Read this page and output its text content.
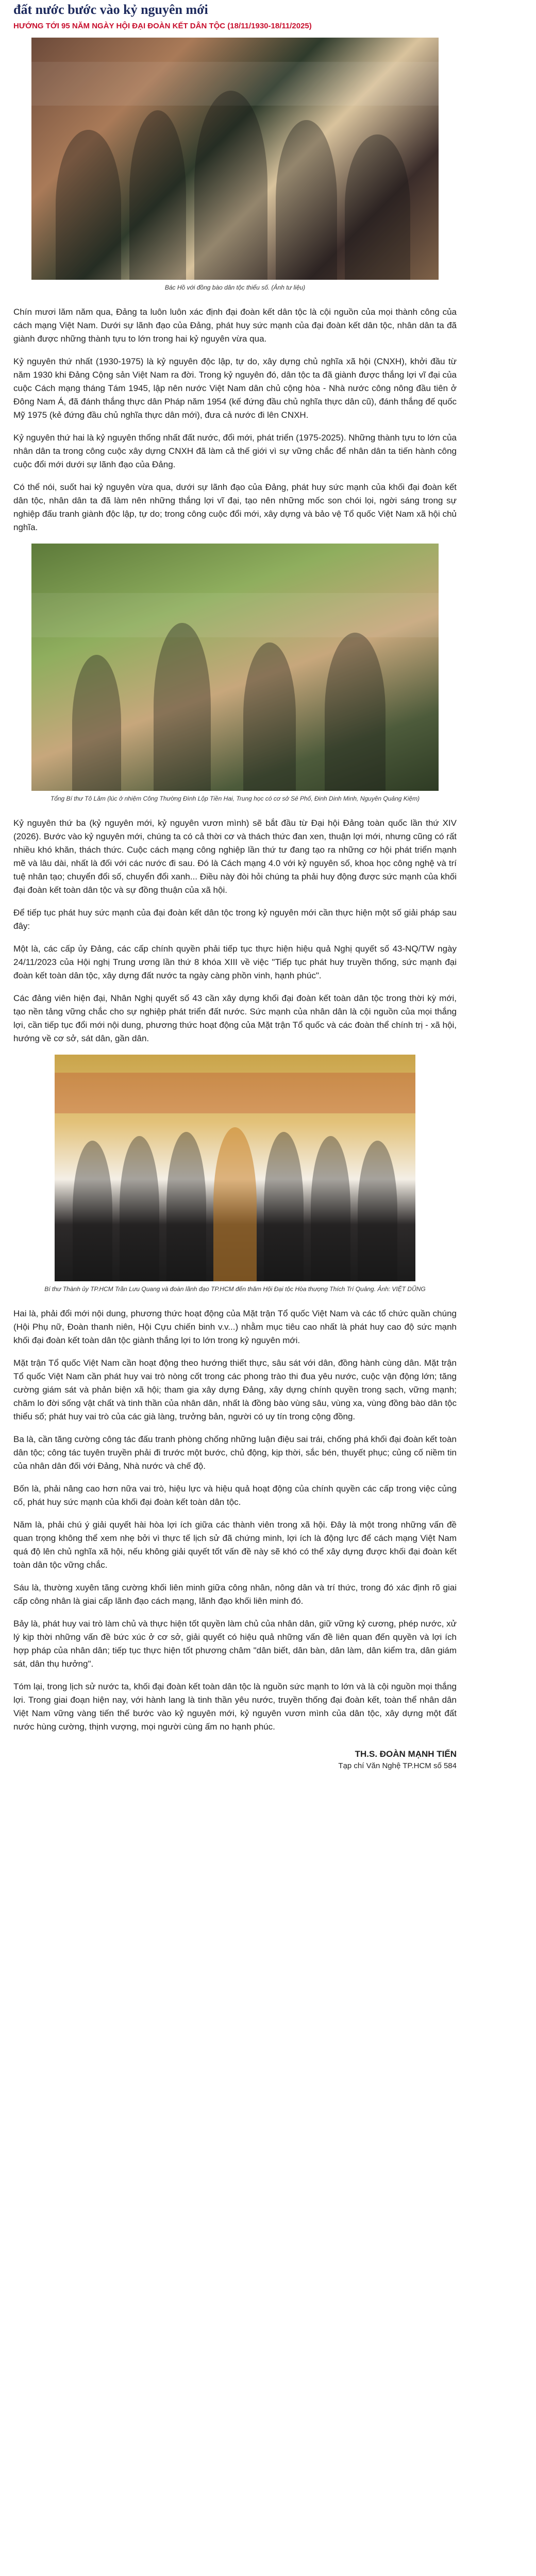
đất nước bước vào kỷ nguyên mới
HƯỚNG TỚI 95 NĂM NGÀY HỘI ĐẠI ĐOÀN KẾT DÂN TỘC (18/11/1930-18/11/2025)
Bác Hồ với đồng bào dân tộc thiểu số. (Ảnh tư liệu)

Chín mươi lăm năm qua, Đảng ta luôn luôn xác định đại đoàn kết dân tộc là cội nguồn của mọi thành công của cách mạng Việt Nam. Dưới sự lãnh đạo của Đảng, phát huy sức mạnh của đại đoàn kết dân tộc, nhân dân ta đã giành được những thành tựu to lớn trong hai kỷ nguyên vừa qua.

Kỷ nguyên thứ nhất (1930-1975) là kỷ nguyên độc lập, tự do, xây dựng chủ nghĩa xã hội (CNXH), khởi đầu từ năm 1930 khi Đảng Cộng sản Việt Nam ra đời. Trong kỷ nguyên đó, dân tộc ta đã giành được thắng lợi vĩ đại của cuộc Cách mạng tháng Tám 1945, lập nên nước Việt Nam dân chủ cộng hòa - Nhà nước công nông đầu tiên ở Đông Nam Á, đã đánh thắng thực dân Pháp năm 1954 (kế đứng đầu chủ nghĩa thực dân cũ), đánh thắng đế quốc Mỹ 1975 (kẻ đứng đầu chủ nghĩa thực dân mới), đưa cả nước đi lên CNXH.

Kỷ nguyên thứ hai là kỷ nguyên thống nhất đất nước, đổi mới, phát triển (1975-2025). Những thành tựu to lớn của nhân dân ta trong công cuộc xây dựng CNXH đã làm cả thế giới vì sự vững chắc để nhân dân ta tiến hành công cuộc đổi mới dưới sự lãnh đạo của Đảng.

Có thể nói, suốt hai kỷ nguyên vừa qua, dưới sự lãnh đạo của Đảng, phát huy sức mạnh của khối đại đoàn kết dân tộc, nhân dân ta đã làm nên những thắng lợi vĩ đại, tạo nên những mốc son chói lọi, ngời sáng trong sự nghiệp đấu tranh giành độc lập, tự do; trong công cuộc đổi mới, xây dựng và bảo vệ Tổ quốc Việt Nam xã hội chủ nghĩa.

Tổng Bí thư Tô Lâm (lúc ở nhiệm Công Thường Đình Lộp Tiền Hai, Trung học có cơ sở Sẻ Phố, Đinh Dinh Minh, Nguyên Quảng Kiệm)

Kỷ nguyên thứ ba (kỷ nguyên mới, kỷ nguyên vươn mình) sẽ bắt đầu từ Đại hội Đảng toàn quốc lần thứ XIV (2026). Bước vào kỷ nguyên mới, chúng ta có cả thời cơ và thách thức đan xen, thuận lợi mới, nhưng cũng có rất nhiều khó khăn, thách thức. Cuộc cách mạng công nghiệp lần thứ tư đang tạo ra những cơ hội phát triển mạnh mẽ và lâu dài, nhất là đối với các nước đi sau. Đó là Cách mạng 4.0 với kỷ nguyên số, khoa học công nghệ và trí tuệ nhân tạo; chuyển đổi số, chuyển đổi xanh... Điều này đòi hỏi chúng ta phải huy động được sức mạnh của khối đại đoàn kết toàn dân tộc và sự đồng thuận của xã hội.

Để tiếp tục phát huy sức mạnh của đại đoàn kết dân tộc trong kỷ nguyên mới cần thực hiện một số giải pháp sau đây:

Một là, các cấp ủy Đảng, các cấp chính quyền phải tiếp tục thực hiện hiệu quả Nghị quyết số 43-NQ/TW ngày 24/11/2023 của Hội nghị Trung ương lần thứ 8 khóa XIII về việc "Tiếp tục phát huy truyền thống, sức mạnh đại đoàn kết toàn dân tộc, xây dựng đất nước ta ngày càng phồn vinh, hạnh phúc".

Các đảng viên hiện đại, Nhân Nghị quyết số 43 cần xây dựng khối đại đoàn kết toàn dân tộc trong thời kỳ mới, tạo nền tảng vững chắc cho sự nghiệp phát triển đất nước. Sức mạnh của nhân dân là cội nguồn của mọi thắng lợi, cần tiếp tục đổi mới nội dung, phương thức hoạt động của Mặt trận Tổ quốc và các đoàn thể chính trị - xã hội, hướng về cơ sở, sát dân, gần dân.

Bí thư Thành ủy TP.HCM Trần Lưu Quang và đoàn lãnh đạo TP.HCM đến thăm Hội Đại tộc Hòa thượng Thích Trí Quảng. Ảnh: VIỆT DŨNG

Hai là, phải đổi mới nội dung, phương thức hoạt động của Mặt trận Tổ quốc Việt Nam và các tổ chức quần chúng (Hội Phụ nữ, Đoàn thanh niên, Hội Cựu chiến binh v.v...) nhằm mục tiêu cao nhất là phát huy cao độ sức mạnh khối đại đoàn kết toàn dân tộc giành thắng lợi to lớn trong kỷ nguyên mới.

Mặt trận Tổ quốc Việt Nam cần hoạt động theo hướng thiết thực, sâu sát với dân, đồng hành cùng dân. Mặt trận Tổ quốc Việt Nam cần phát huy vai trò nòng cốt trong các phong trào thi đua yêu nước, cuộc vận động lớn; tăng cường giám sát và phản biện xã hội; tham gia xây dựng Đảng, xây dựng chính quyền trong sạch, vững mạnh; chăm lo đời sống vật chất và tinh thần của nhân dân, nhất là đồng bào vùng sâu, vùng xa, vùng đồng bào dân tộc thiểu số; phát huy vai trò của các già làng, trưởng bản, người có uy tín trong cộng đồng.

Ba là, cần tăng cường công tác đấu tranh phòng chống những luận điệu sai trái, chống phá khối đại đoàn kết toàn dân tộc; công tác tuyên truyền phải đi trước một bước, chủ động, kịp thời, sắc bén, thuyết phục; củng cố niềm tin của nhân dân đối với Đảng, Nhà nước và chế độ.

Bốn là, phải nâng cao hơn nữa vai trò, hiệu lực và hiệu quả hoạt động của chính quyền các cấp trong việc củng cố, phát huy sức mạnh của khối đại đoàn kết toàn dân tộc.

Năm là, phải chú ý giải quyết hài hòa lợi ích giữa các thành viên trong xã hội. Đây là một trong những vấn đề quan trọng không thể xem nhẹ bởi vì thực tế lịch sử đã chứng minh, lợi ích là động lực để cách mạng Việt Nam quá độ lên chủ nghĩa xã hội, nếu không giải quyết tốt vấn đề này sẽ khó có thể xây dựng được khối đại đoàn kết toàn dân tộc vững chắc.

Sáu là, thường xuyên tăng cường khối liên minh giữa công nhân, nông dân và trí thức, trong đó xác định rõ giai cấp công nhân là giai cấp lãnh đạo cách mạng, lãnh đạo khối liên minh đó.

Bảy là, phát huy vai trò làm chủ và thực hiện tốt quyền làm chủ của nhân dân, giữ vững kỷ cương, phép nước, xử lý kịp thời những vấn đề bức xúc ở cơ sở, giải quyết có hiệu quả những vấn đề liên quan đến quyền và lợi ích hợp pháp của nhân dân; tiếp tục thực hiện tốt phương châm "dân biết, dân bàn, dân làm, dân kiểm tra, dân giám sát, dân thụ hưởng".

Tóm lại, trong lịch sử nước ta, khối đại đoàn kết toàn dân tộc là nguồn sức mạnh to lớn và là cội nguồn mọi thắng lợi. Trong giai đoạn hiện nay, với hành lang là tinh thần yêu nước, truyền thống đại đoàn kết, toàn thể nhân dân Việt Nam vững vàng tiến thế bước vào kỷ nguyên mới, kỷ nguyên vươn mình của dân tộc, xây dựng một đất nước hùng cường, thịnh vượng, mọi người cùng ấm no hạnh phúc.

TH.S. ĐOÀN MẠNH TIẾN
Tạp chí Văn Nghệ TP.HCM số 584
